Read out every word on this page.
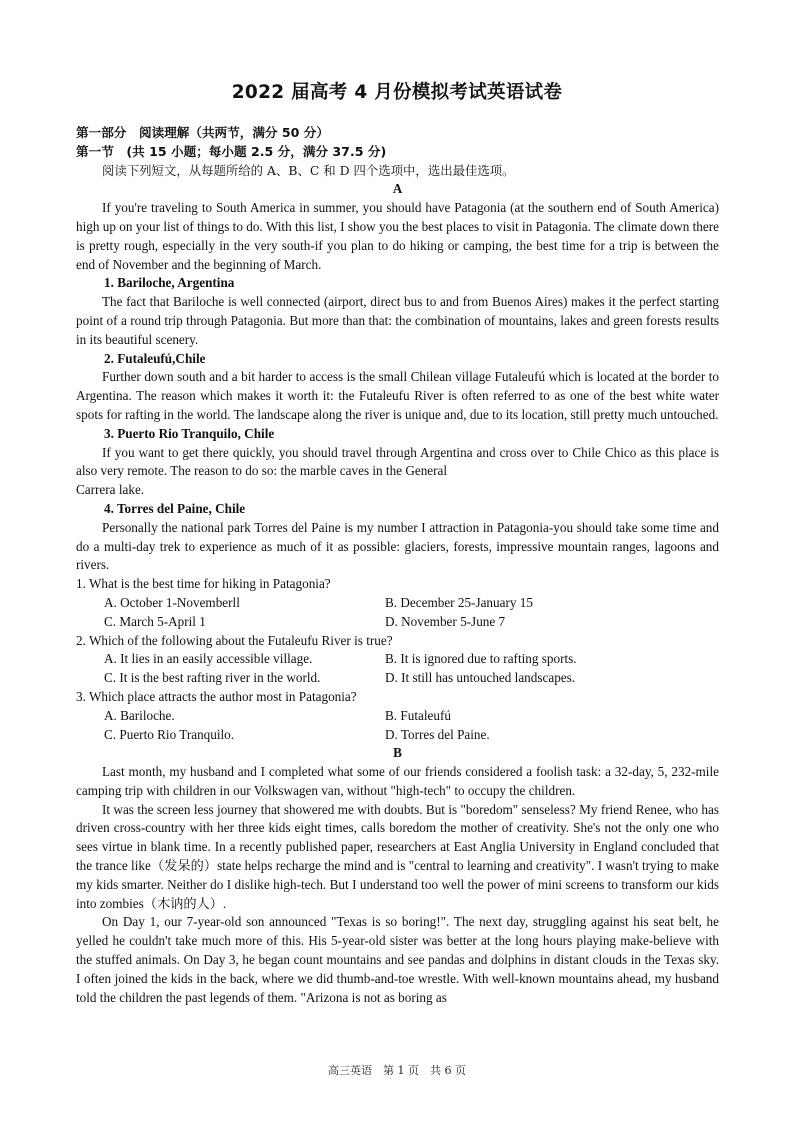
2022 届高考 4 月份模拟考试英语试卷

第一部分　阅读理解（共两节，满分 50 分）

第一节　(共 15 小题；每小题 2.5 分，满分 37.5 分)

阅读下列短文，从每题所给的 A、B、C 和 D 四个选项中，选出最佳选项。

A

If you're traveling to South America in summer, you should have Patagonia (at the southern end of South America) high up on your list of things to do. With this list, I show you the best places to visit in Patagonia. The climate down there is pretty rough, especially in the very south-if you plan to do hiking or camping, the best time for a trip is between the end of November and the beginning of March.

1. Bariloche, Argentina

The fact that Bariloche is well connected (airport, direct bus to and from Buenos Aires) makes it the perfect starting point of a round trip through Patagonia. But more than that: the combination of mountains, lakes and green forests results in its beautiful scenery.

2. Futaleufú,Chile

Further down south and a bit harder to access is the small Chilean village Futaleufú which is located at the border to Argentina. The reason which makes it worth it: the Futaleufu River is often referred to as one of the best white water spots for rafting in the world. The landscape along the river is unique and, due to its location, still pretty much untouched.

3. Puerto Rio Tranquilo, Chile

If you want to get there quickly, you should travel through Argentina and cross over to Chile Chico as this place is also very remote. The reason to do so: the marble caves in the General

Carrera lake.

4. Torres del Paine, Chile

Personally the national park Torres del Paine is my number I attraction in Patagonia-you should take some time and do a multi-day trek to experience as much of it as possible: glaciers, forests, impressive mountain ranges, lagoons and rivers.

1. What is the best time for hiking in Patagonia?

A. October 1-Novemberll	B. December 25-January 15
C. March 5-April 1	D. November 5-June 7

2. Which of the following about the Futaleufu River is true?

A. It lies in an easily accessible village.	B. It is ignored due to rafting sports.
C. It is the best rafting river in the world.	D. It still has untouched landscapes.

3. Which place attracts the author most in Patagonia?

A. Bariloche.	B. Futaleufú
C. Puerto Rio Tranquilo.	D. Torres del Paine.

B

Last month, my husband and I completed what some of our friends considered a foolish task: a 32-day, 5, 232-mile camping trip with children in our Volkswagen van, without "high-tech" to occupy the children.

It was the screen less journey that showered me with doubts. But is "boredom" senseless? My friend Renee, who has driven cross-country with her three kids eight times, calls boredom the mother of creativity. She's not the only one who sees virtue in blank time. In a recently published paper, researchers at East Anglia University in England concluded that the trance like（发呆的）state helps recharge the mind and is "central to learning and creativity". I wasn't trying to make my kids smarter. Neither do I dislike high-tech. But I understand too well the power of mini screens to transform our kids into zombies（木讷的人）.

On Day 1, our 7-year-old son announced "Texas is so boring!". The next day, struggling against his seat belt, he yelled he couldn't take much more of this. His 5-year-old sister was better at the long hours playing make-believe with the stuffed animals. On Day 3, he began count mountains and see pandas and dolphins in distant clouds in the Texas sky. I often joined the kids in the back, where we did thumb-and-toe wrestle. With well-known mountains ahead, my husband told the children the past legends of them. "Arizona is not as boring as

高三英语　第 1 页　共 6 页
